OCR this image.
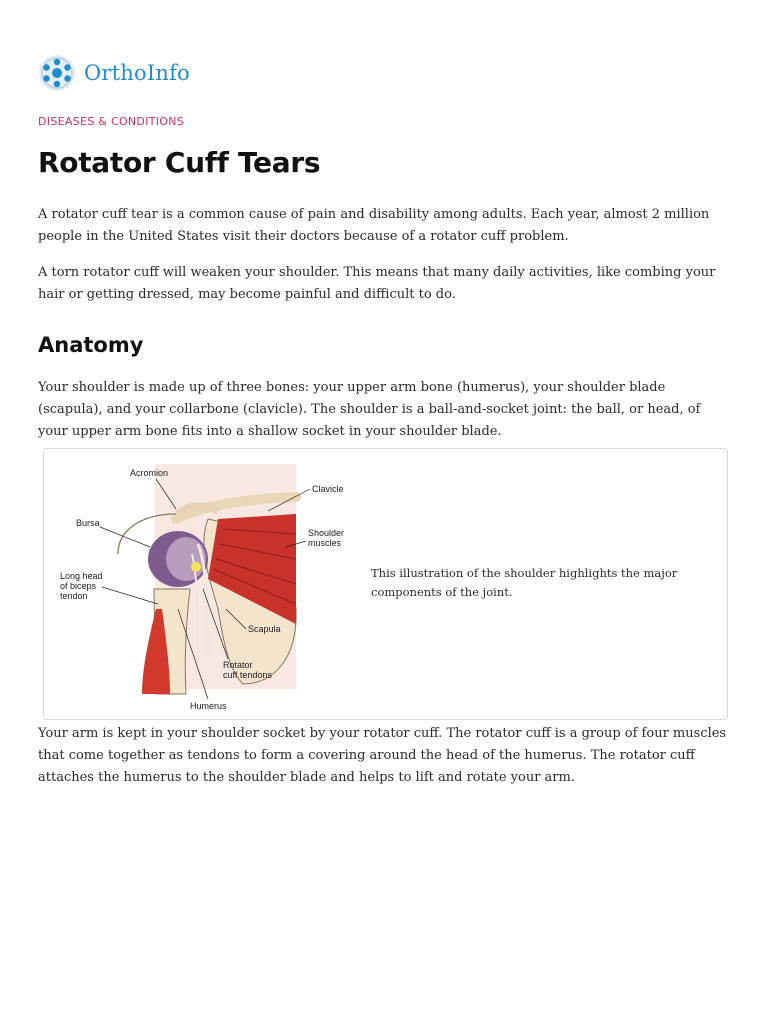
OrthoInfo
DISEASES & CONDITIONS
Rotator Cuff Tears

A rotator cuff tear is a common cause of pain and disability among adults. Each year, almost 2 million people in the United States visit their doctors because of a rotator cuff problem.

A torn rotator cuff will weaken your shoulder. This means that many daily activities, like combing your hair or getting dressed, may become painful and difficult to do.

Anatomy

Your shoulder is made up of three bones: your upper arm bone (humerus), your shoulder blade (scapula), and your collarbone (clavicle). The shoulder is a ball-and-socket joint: the ball, or head, of your upper arm bone fits into a shallow socket in your shoulder blade.

Acromion
Clavicle
Bursa
Shoulder
muscles
Long head
of biceps
tendon
Scapula
Rotator
cuff tendons
Humerus
This illustration of the shoulder highlights the major components of the joint.

Your arm is kept in your shoulder socket by your rotator cuff. The rotator cuff is a group of four muscles that come together as tendons to form a covering around the head of the humerus. The rotator cuff attaches the humerus to the shoulder blade and helps to lift and rotate your arm.
